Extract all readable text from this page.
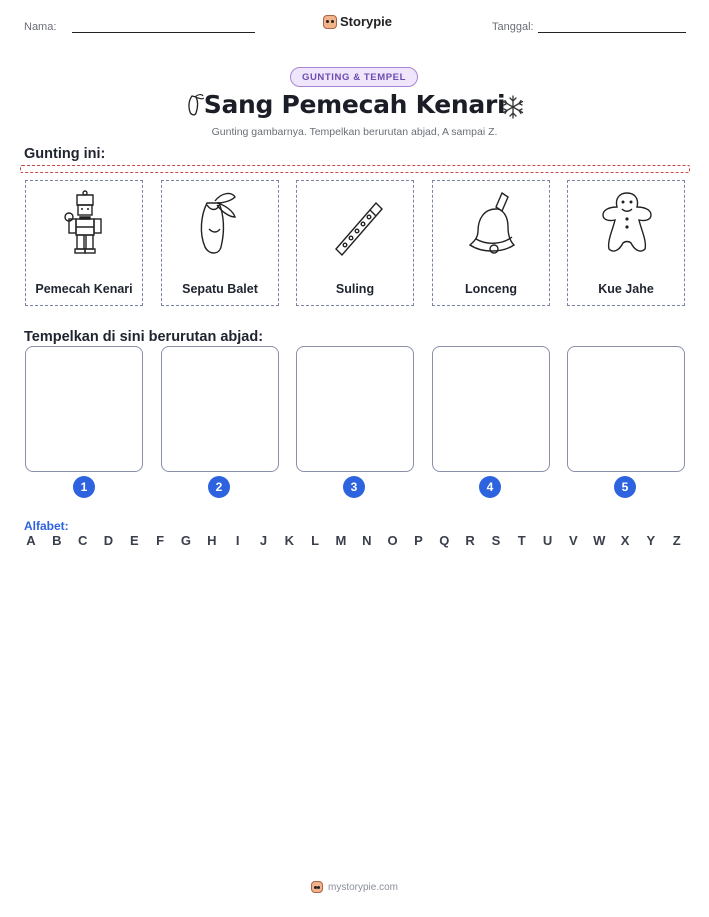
Nama:	Storypie	Tanggal:
GUNTING & TEMPEL
Sang Pemecah Kenari
Gunting gambarnya. Tempelkan berurutan abjad, A sampai Z.
Gunting ini:
Pemecah Kenari	Sepatu Balet	Suling	Lonceng	Kue Jahe
Tempelkan di sini berurutan abjad:
1	2	3	4	5
Alfabet:
A B C D E F G H	I	J K L M N O P Q R S T U V W X Y Z
mystorypie.com
